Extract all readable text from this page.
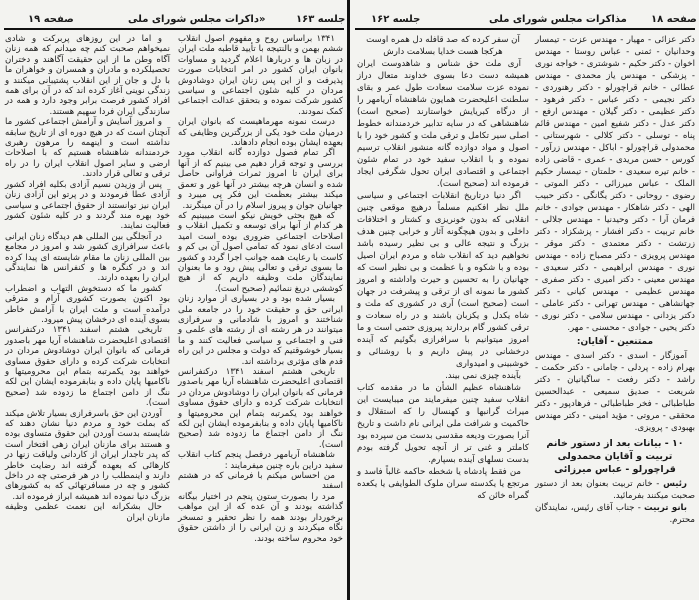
صفحه ۱۹	«داکرات مجلس شورای ملی	جلسه ۱۶۳

۱۳۴۱ براساس روح و مفهوم اصول انقلاب ششم بهمن و بالنتیجه با تأیید قاطبه ملت ایران در زبان ها و دربارها اعلام گردید و مساوات بانوان ایران کشور در امر انتخابات صورت پذیرفت و از این پس زنان ایران دوشادوش مردان در کلیه شئون اجتماعی و سیاسی کشور شرکت نموده و بتحقق عدالت اجتماعی کمک نمودند.

درست نمونه مهرماهیست که بانوان ایران درمیان ملت خود یکی از بزرگترین وظایفی که بعهده ایشان بوده انجام دادهاند.

اگر تمام فصول دوازده گانه انقلاب مورد بررسی و توجه قرار دهیم می بینیم که از آنها برای ایران تا امروز ثمرات فراوانی حاصل شده و انسان هرچه بیشتر در آنها غور و تعمق میکند بیشتر بعظمت این فکر پی میبرد و جهانیان جوان و پیروز اسلام را در آن مینگرند.

که هیچ بحثی خویش نیکو است میبینیم که هر کدام از آنها برای توسعه و تکمیل انقلاب و اصلاحات اجتماعی ضروری بوده است امید است ادعای نمود که تمامی اصول آن بی کم و کاست با رعایت همه جوانب اجرا گردد و کشور ما بسوی ترقی و تعالی پیش رود و ما بعنوان نمایندگان ملت وظیفه داریم که از هیچ کوششی دریغ ننمائیم (صحیح است).

بسیار شده بود و در بسیاری از موارد زنان ایرانی حق و حقیقت خود را در جامعه ملی شناختند و امروز با شادمانی و سرفرازی میتوانند در هر رشته ای از رشته های علمی و فنی و اجتماعی و سیاسی فعالیت کنند و ما بسیار خوشوقتیم که دولت و مجلس در این راه قدم های مؤثری برداشته اند.

تاریخی هشتم اسفند ۱۳۴۱ درکنفرانس اقتصادی اعلیحضرت شاهنشاه آریا مهر باصدور فرمانی که بانوان ایران را دوشادوش مردان در انتخابات شرکت کرده و دارای حقوق مساوی خواهند بود یکمرتبه بتمام این محرومیتها و ناکامیها پایان داده و بنابفرموده ایشان این لکه ننگ از دامن اجتماع ما زدوده شد (صحیح است).

شاهنشاه آریامهر درفصل پنجم کتاب انقلاب سفید دراین باره چنین میفرمایند :

من احساس میکنم با فرمانی که در هشتم اسفند

مرد را بصورت ستون پنجم در اختیار بیگانه گذاشته بودند و آن عده که از این مواهب برخوردار بودند همه را نظر تحقیر و تمسخر نگاه میکردند و زن ایرانی را از داشتن حقوق خود محروم ساخته بودند.

و اما در این روزهای پربرکت و شادی نمیخواهم صحبت کنم چه میدانم که همه زنان آگاه وطن ما از این حقیقت آگاهند و دختران تحصیلکرده و مادران و همسران و خواهران ما با دل و جان از این انقلاب پشتیبانی میکنند و زندگی نوینی آغاز کرده اند که در آن برای همه افراد کشور فرصت برابر وجود دارد و همه در سازندگی ایران فردا سهیم هستند.

و امروز آسایش و آرامش اجتماعی کشور ما آنچنان است که در هیچ دوره ای از تاریخ سابقه نداشته است و اینهمه را مرهون رهبری خردمندانه شاهنشاه هستیم که با اصلاحات ارضی و سایر اصول انقلاب ایران را در راه ترقی و تعالی قرار دادند.

پس از وزیدن نسیم آزادی بکلیه افراد کشور آزادی عطا فرمودند و در پرتو این آزادی زنان ایران نیز توانستند از حقوق اجتماعی و سیاسی خود بهره مند گردند و در کلیه شئون کشور فعالیت نمایند.

در آنجلگی بین المللی هم دیدگاه زنان ایرانی باعث سرافرازی کشور شد و امروز در مجامع بین المللی زنان ما مقام شایسته ای پیدا کرده اند و در کنگره ها و کنفرانس ها نمایندگی ایران را بعهده دارند.

کشور ما که دستخوش التهاب و اضطراب بود اکنون بصورت کشوری آرام و مترقی درآمده است و ملت ایران با آرامش خاطر بسوی آینده ای درخشان پیش میرود.

تاریخی هشتم اسفند ۱۳۴۱ درکنفرانس اقتصادی اعلیحضرت شاهنشاه آریا مهر باصدور فرمانی که بانوان ایران دوشادوش مردان در انتخابات شرکت کرده و دارای حقوق مساوی خواهند بود یکمرتبه بتمام این محرومیتها و ناکامیها پایان داده و بنابفرموده ایشان این لکه ننگ از دامن اجتماع ما زدوده شد (صحیح است).

آوردن این حق باسرفرازی بسیار تلاش میکند که بملت خود و مردم دنیا نشان دهند که شایسته بدست آوردن این حقوق متساوی بوده و هستند برای مازنان ایران زهی افتخار است که پدر تاجدار ایران از کاردانی ولیاقت زنها در کارهائی که بعهده گرفته اند رضایت خاطر دارند و اینمطلب را در هر فرصتی چه در داخل کشور و چه در مسافرتهائی که به کشورهای بزرگ دنیا نموده اند همیشه ابراز فرموده اند.

حال بشکرانه این نعمت عظمی وظیفه مازنان ایران

جلسه ۱۶۲	مذاکرات مجلس شورای ملی صفحه ۱۸

آن سفر کرده که صد قافله دل همره اوست

هرکجا هست خدایا بسلامت دارش

آری ملت حق شناس و شاهدوست ایران همیشه دست دعا بسوی خداوند متعال دراز نموده عزت سلامت سعادت طول عمر و بقای سلطنت اعلیحضرت همایون شاهنشاه آریامهر را از درگاه کبریایش خواستارند (صحیح است) شاهنشاهی که در سایه تدابیر خردمندانه خطوط اصلی سیر تکامل و ترقی ملت و کشور خود را با اصول و مواد دوازده گانه منشور انقلاب ترسیم نموده و با انقلاب سفید خود در تمام شئون اجتماعی و اقتصادی ایران تحول شگرفی ایجاد فرموده اند (صحیح است).

اگر دنیا درتاریخ انقلابات اجتماعی و سیاسی ملل نظر افکنیم مسلماً درهیچ موقعی چنین انقلابی که بدون خونریزی و کشتار و اختلافات داخلی و بدون هیچگونه آثار و خرابی چنین هدف بزرگ و نتیجه عالی و بی نظیر رسیده باشد نخواهیم دید که انقلاب شاه و مردم ایران اصیل بوده و با شکوه و با عظمت و بی نظیر است که جهانیان را به تحسین و حیرت واداشته و امروز کشور ما نمونه ای از ترقی و پیشرفت در جهان است (صحیح است) آری در کشوری که ملت و شاه یکدل و یکزبان باشند و در راه سعادت و ترقی کشور گام بردارند پیروزی حتمی است و ما امروز میتوانیم با سرافرازی بگوئیم که آینده درخشانی در پیش داریم و با روشنائی و خوشبینی و امیدواری

بآینده چیزی نمی بیند.

شاهنشاه عظیم الشأن ما در مقدمه کتاب انقلاب سفید چنین میفرمایند من میبایست این میراث گرانبها و کهنسال را که استقلال و حاکمیت و شرافت ملی ایرانی نام داشت و تاریخ آنرا بصورت ودیعه مقدسی بدست من سپرده بود کاملتر و غنی تر از آنچه تحویل گرفته بودم بدست نسلهای آینده بسپارم.

من فقط پادشاه یا شخطه حاکمه غالباً فاسد و مرتجع یا یکدسته سران ملوک الطوایفی یا یکعده گمراه خائن که

دکتر عزائی - مهیار - مهندس عزت - تیمسار وحدانیان - ثمنی - عباس روستا - مهندس اخوان - دکتر حکیم - شوشتری - خواجه نوری - پزشکی - مهندس یاز محمدی - مهندس عطائی - خانم قراچورلو - دکتر رهنوردی - دکتر نجیمی - دکتر عباس - دکتر فرهود - دکتر عظیمی - دکتر گیلان - مهندس ارفع - دکتر عدل - دکتر شفیع امین - مهندس قائم پناه - توسلی - دکتر کلالی - شهرستانی - محمدولی قراچورلو - اباکل - مهندس زرآور - کورس - حسن مریدی - عمری - قاضی زاده - خانم تیره سعیدی - حلمتان - تیمسار حکیم الملک - عباس میرزائی - دکتر الموتی - رضوی - روحانی - دکتر یگانگی - دکتر حبیب الهی - دکتر شاهکار - مهندس جوادی - خانم فرمان آرا - دکتر وحیدنیا - مهندس جلالی - خانم تربیت - دکتر افشار - پزشکزاد - دکتر زرتشت - دکتر معتمدی - دکتر موقر - مهندس پرویزی - دکتر مصباح زاده - مهندس نوری - مهندس ابراهیمی - دکتر سعیدی - مهندس معینی - دکتر امیری - دکتر صفری - مهندس عظیمی - مهندس کیانی - دکتر جهانشاهی - مهندس تهرانی - دکتر عاملی - دکتر یزدانی - مهندس سلامی - دکتر نوری - دکتر یحیی - جوادی - محسنی - مهر.

ممتنعین - آقایان:

آموزگار - اسدی - دکتر اسدی - مهندس بهرام زاده - پردلی - جامانی - دکتر حکمت - راشد - دکتر رفعت - ساگیانیان - دکتر شریعت - صدیق سمیعی - عبدالحسین طباطبائی - فخر طباطبائی - فرهادپور - دکتر محققی - مروتی - مؤید امینی - دکتر مهندس بهبودی - پرویزی.

۱۰ - بیانات بعد از دستور خانم تربیت و آقایان محمدولی قراچورلو - عباس میرزائی

رئیس - خانم تربیت بعنوان بعد از دستور صحبت میکنند بفرمائید.

بانو تربیت - جناب آقای رئیس، نمایندگان محترم.
